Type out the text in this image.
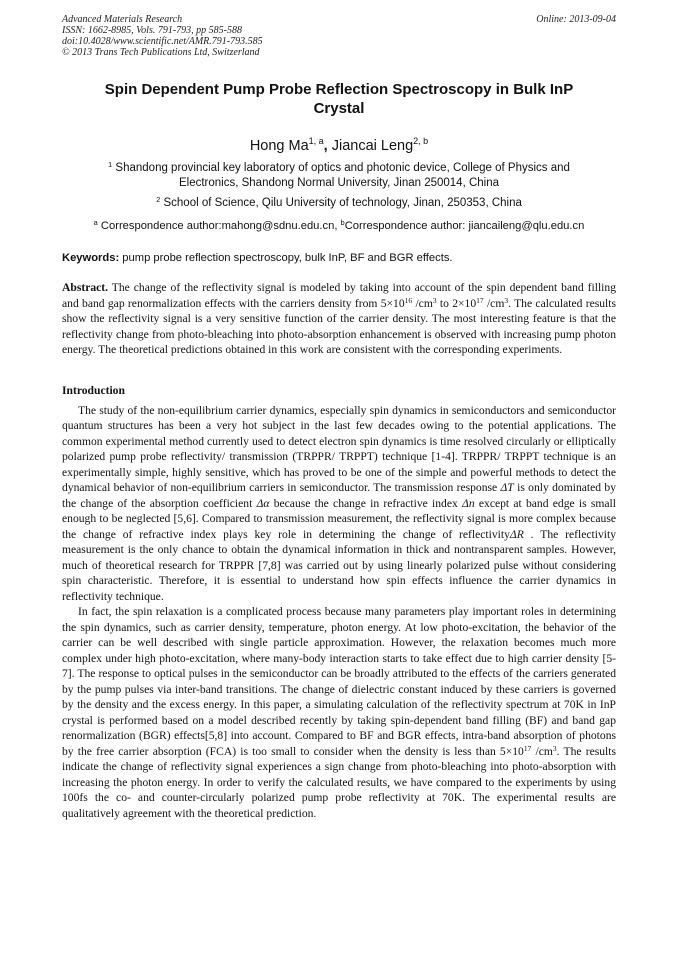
Advanced Materials Research
ISSN: 1662-8985, Vols. 791-793, pp 585-588
doi:10.4028/www.scientific.net/AMR.791-793.585
© 2013 Trans Tech Publications Ltd, Switzerland
Online: 2013-09-04
Spin Dependent Pump Probe Reflection Spectroscopy in Bulk InP
Crystal
Hong Ma$^{1, a}$, Jiancai Leng$^{2, b}$
$^1$ Shandong provincial key laboratory of optics and photonic device, College of Physics and
Electronics, Shandong Normal University, Jinan 250014, China
$^2$ School of Science, Qilu University of technology, Jinan, 250353, China
$^a$ Correspondence author:mahong@sdnu.edu.cn, $^b$Correspondence author: jiancaileng@qlu.edu.cn
Keywords: pump probe reflection spectroscopy, bulk InP, BF and BGR effects.

Abstract. The change of the reflectivity signal is modeled by taking into account of the spin dependent band filling and band gap renormalization effects with the carriers density from $5\times 10^{16}$ $/cm^3$ to $2\times 10^{17}$ $/cm^3$. The calculated results show the reflectivity signal is a very sensitive function of the carrier density. The most interesting feature is that the reflectivity change from photo-bleaching into photo-absorption enhancement is observed with increasing pump photon energy. The theoretical predictions obtained in this work are consistent with the corresponding experiments.

Introduction

The study of the non-equilibrium carrier dynamics, especially spin dynamics in semiconductors and semiconductor quantum structures has been a very hot subject in the last few decades owing to the potential applications. The common experimental method currently used to detect electron spin dynamics is time resolved circularly or elliptically polarized pump probe reflectivity/ transmission (TRPPR/ TRPPT) technique [1-4]. TRPPR/ TRPPT technique is an experimentally simple, highly sensitive, which has proved to be one of the simple and powerful methods to detect the dynamical behavior of non-equilibrium carriers in semiconductor. The transmission response ΔT is only dominated by the change of the absorption coefficient Δα because the change in refractive index Δn except at band edge is small enough to be neglected [5,6]. Compared to transmission measurement, the reflectivity signal is more complex because the change of refractive index plays key role in determining the change of reflectivityΔR . The reflectivity measurement is the only chance to obtain the dynamical information in thick and nontransparent samples. However, much of theoretical research for TRPPR [7,8] was carried out by using linearly polarized pulse without considering spin characteristic. Therefore, it is essential to understand how spin effects influence the carrier dynamics in reflectivity technique.

In fact, the spin relaxation is a complicated process because many parameters play important roles in determining the spin dynamics, such as carrier density, temperature, photon energy. At low photo-excitation, the behavior of the carrier can be well described with single particle approximation. However, the relaxation becomes much more complex under high photo-excitation, where many-body interaction starts to take effect due to high carrier density [5-7]. The response to optical pulses in the semiconductor can be broadly attributed to the effects of the carriers generated by the pump pulses via inter-band transitions. The change of dielectric constant induced by these carriers is governed by the density and the excess energy. In this paper, a simulating calculation of the reflectivity spectrum at 70K in InP crystal is performed based on a model described recently by taking spin-dependent band filling (BF) and band gap renormalization (BGR) effects[5,8] into account. Compared to BF and BGR effects, intra-band absorption of photons by the free carrier absorption (FCA) is too small to consider when the density is less than $5\times 10^{17}$ $/cm^3$. The results indicate the change of reflectivity signal experiences a sign change from photo-bleaching into photo-absorption with increasing the photon energy. In order to verify the calculated results, we have compared to the experiments by using 100fs the co- and counter-circularly polarized pump probe reflectivity at 70K. The experimental results are qualitatively agreement with the theoretical prediction.
